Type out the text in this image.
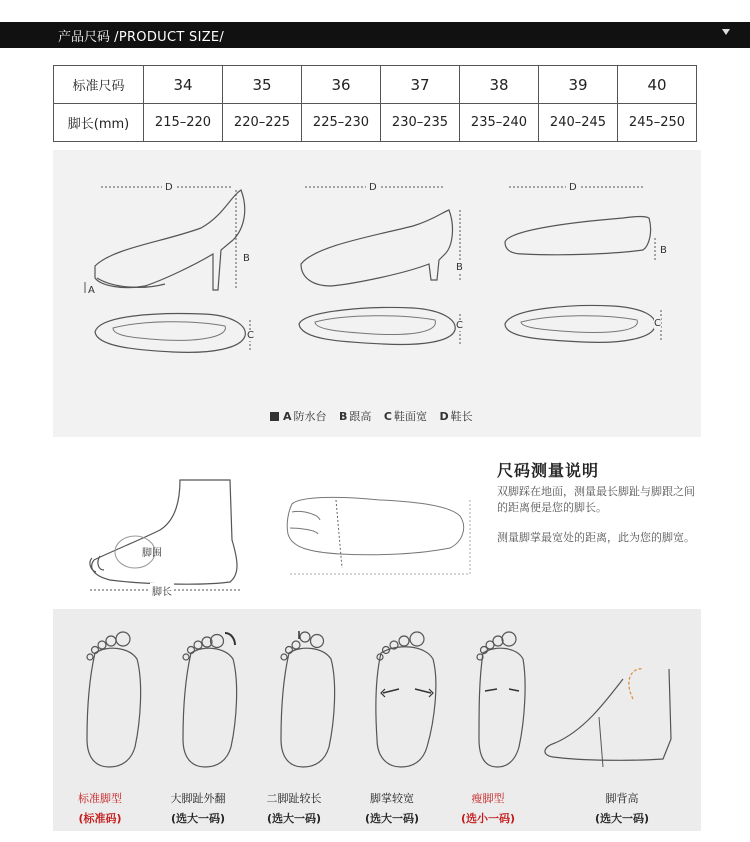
产品尺码 /PRODUCT SIZE/
标准尺码	34	35	36	37	38	39	40
脚长(mm)	215–220	220–225	225–230	230–235	235–240	240–245	245–250
D	D	D
A
B
B
B
C
C	C
A 防水台 B 跟高 C 鞋面宽 D 鞋长
脚围
脚长
尺码测量说明
双脚踩在地面，测量最长脚趾与脚跟之间的距离便是您的脚长。
测量脚掌最宽处的距离，此为您的脚宽。
标准脚型
(标准码)
大脚趾外翻
(选大一码)
二脚趾较长
(选大一码)
脚掌较宽
(选大一码)
瘦脚型
(选小一码)
脚背高
(选大一码)
